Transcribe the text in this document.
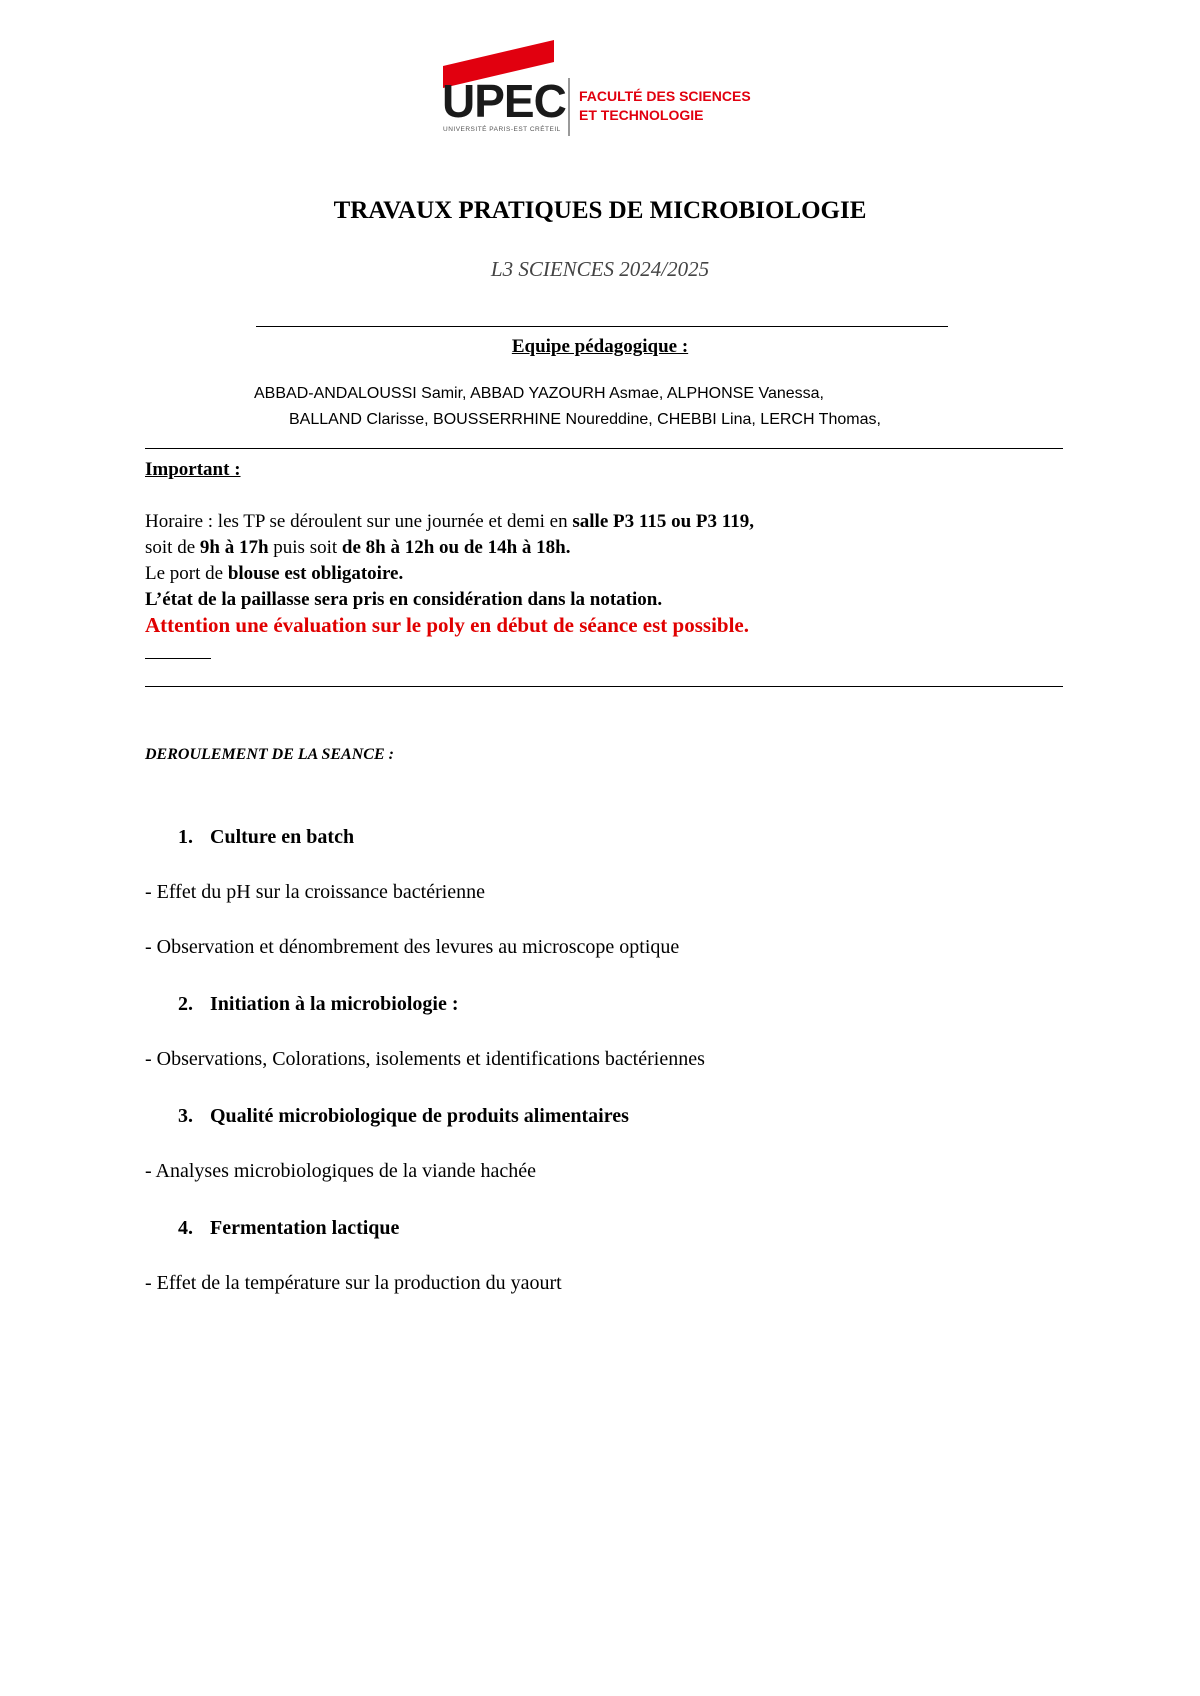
UPEC
UNIVERSITÉ PARIS-EST CRÉTEIL
FACULTÉ DES SCIENCES
ET TECHNOLOGIE
TRAVAUX PRATIQUES DE MICROBIOLOGIE
L3 SCIENCES 2024/2025
Equipe pédagogique :
ABBAD-ANDALOUSSI Samir, ABBAD YAZOURH Asmae, ALPHONSE Vanessa,
BALLAND Clarisse, BOUSSERRHINE Noureddine, CHEBBI Lina, LERCH Thomas,
Important :
Horaire : les TP se déroulent sur une journée et demi en salle P3 115 ou P3 119,
soit de 9h à 17h puis soit de 8h à 12h ou de 14h à 18h.
Le port de blouse est obligatoire.
L’état de la paillasse sera pris en considération dans la notation.
Attention une évaluation sur le poly en début de séance est possible.
DEROULEMENT DE LA SEANCE :
1. Culture en batch
- Effet du pH sur la croissance bactérienne
- Observation et dénombrement des levures au microscope optique
2. Initiation à la microbiologie :
- Observations, Colorations, isolements et identifications bactériennes
3. Qualité microbiologique de produits alimentaires
- Analyses microbiologiques de la viande hachée
4. Fermentation lactique
- Effet de la température sur la production du yaourt
